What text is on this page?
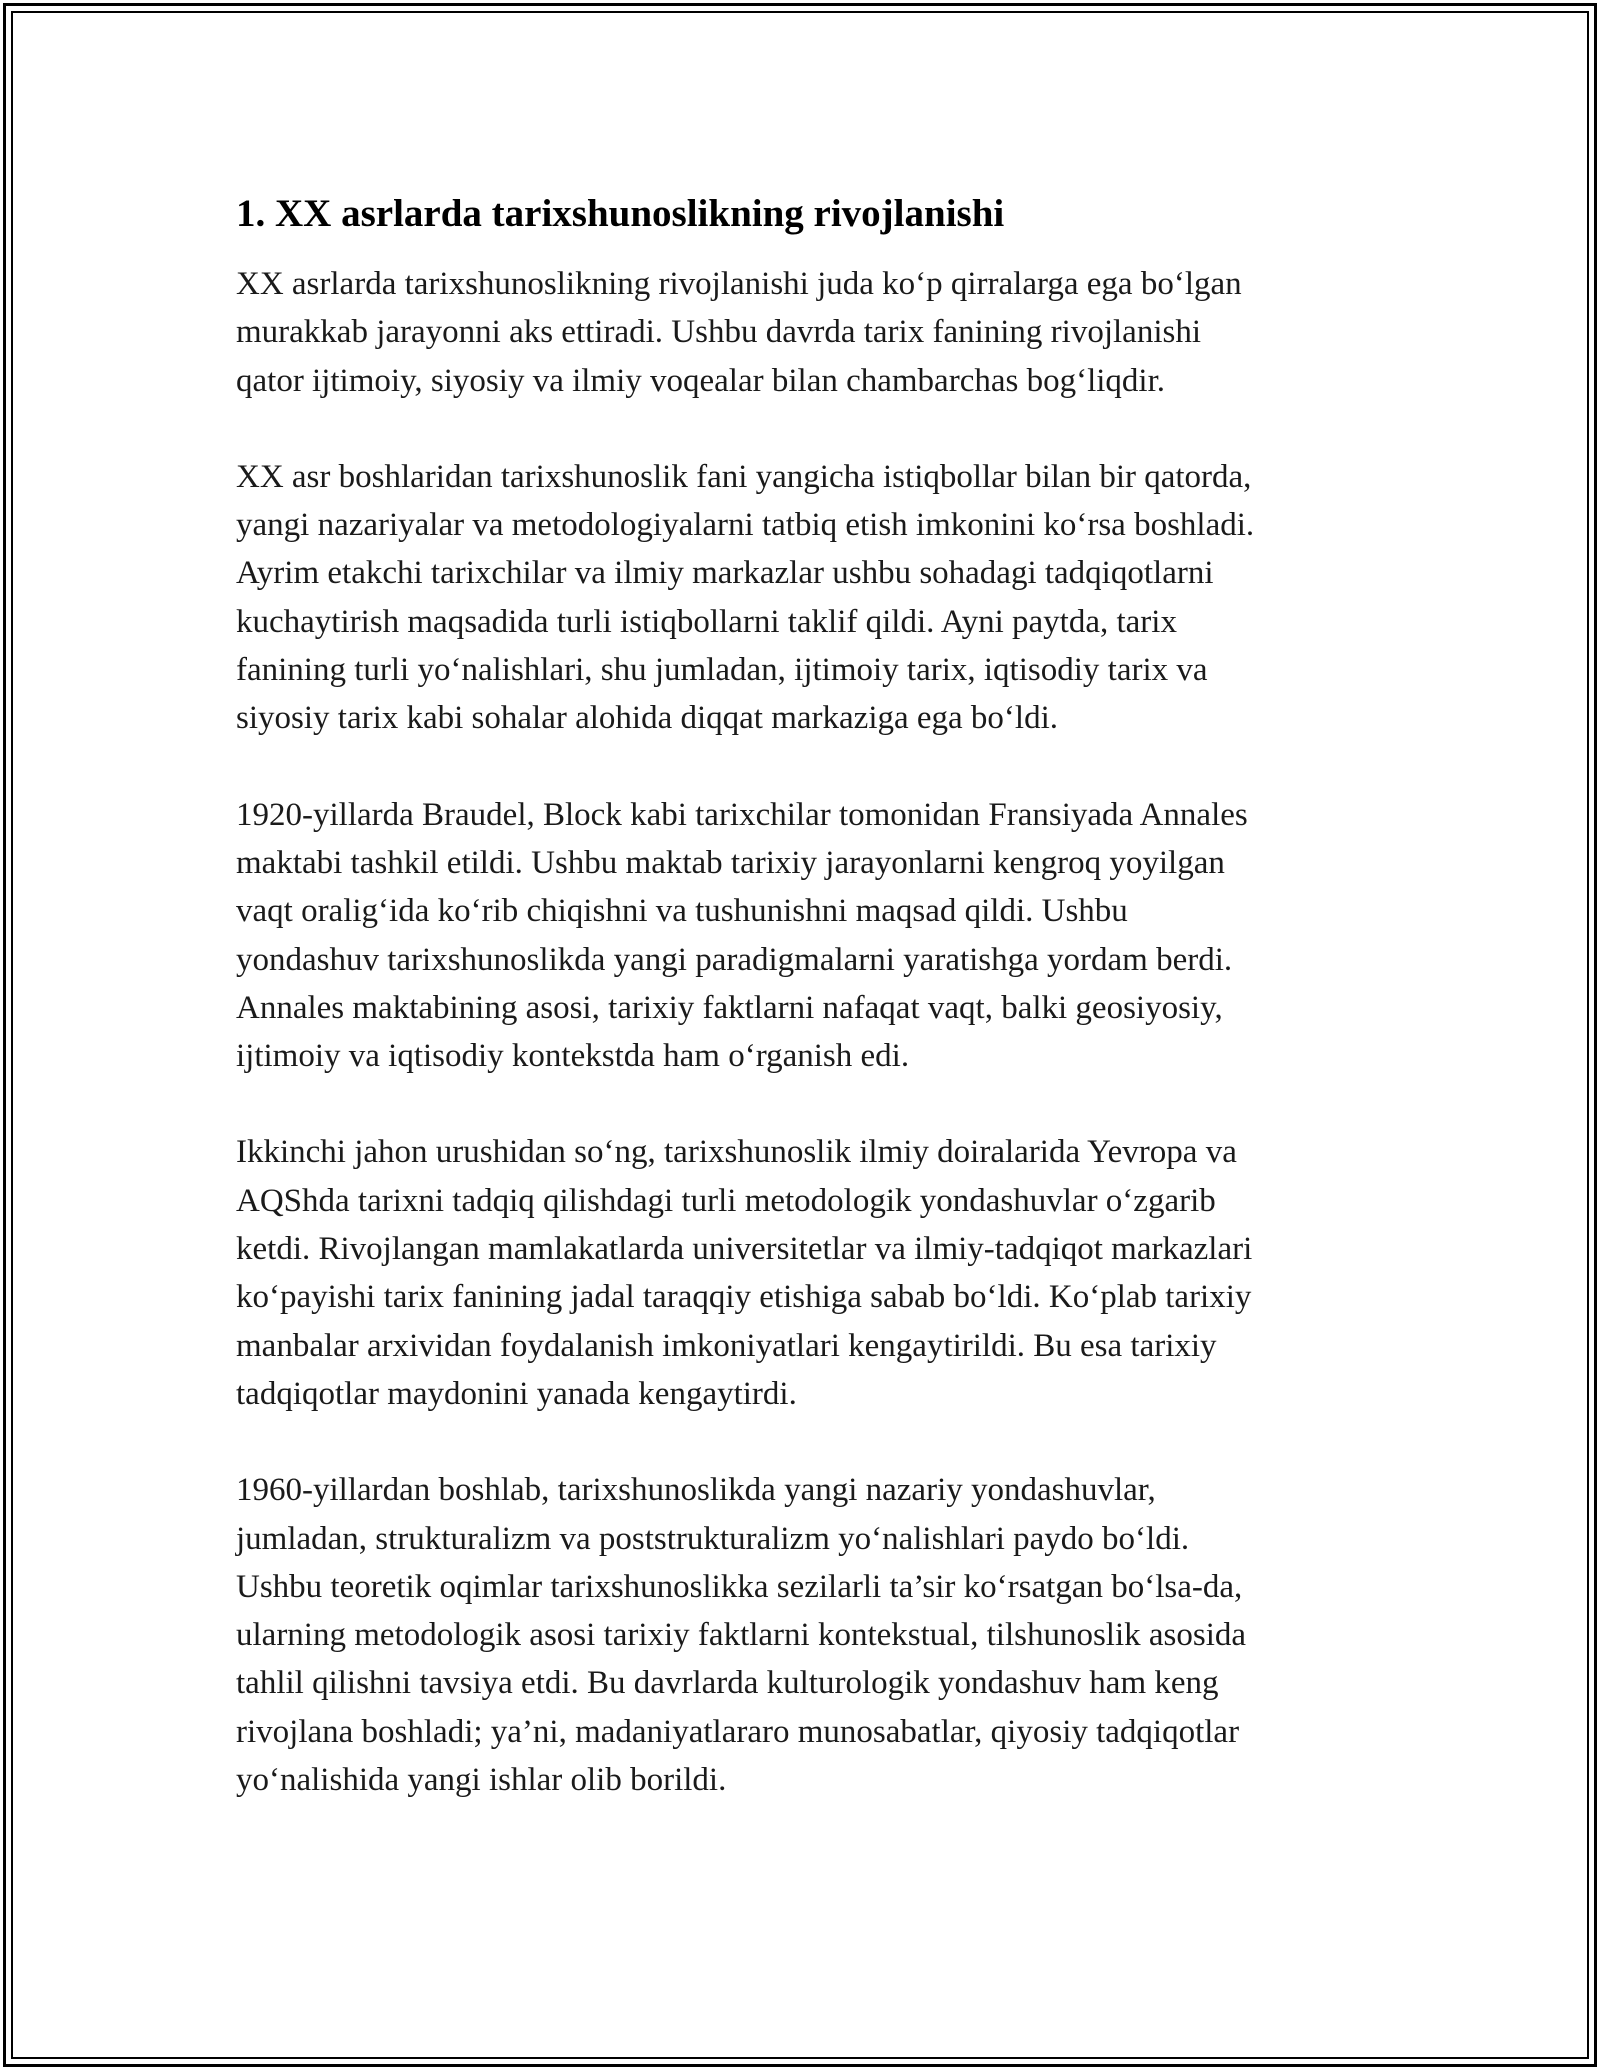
1. XX asrlarda tarixshunoslikning rivojlanishi

XX asrlarda tarixshunoslikning rivojlanishi juda ko‘p qirralarga ega bo‘lgan
murakkab jarayonni aks ettiradi. Ushbu davrda tarix fanining rivojlanishi
qator ijtimoiy, siyosiy va ilmiy voqealar bilan chambarchas bog‘liqdir.

XX asr boshlaridan tarixshunoslik fani yangicha istiqbollar bilan bir qatorda,
yangi nazariyalar va metodologiyalarni tatbiq etish imkonini ko‘rsa boshladi.
Ayrim etakchi tarixchilar va ilmiy markazlar ushbu sohadagi tadqiqotlarni
kuchaytirish maqsadida turli istiqbollarni taklif qildi. Ayni paytda, tarix
fanining turli yo‘nalishlari, shu jumladan, ijtimoiy tarix, iqtisodiy tarix va
siyosiy tarix kabi sohalar alohida diqqat markaziga ega bo‘ldi.

1920-yillarda Braudel, Block kabi tarixchilar tomonidan Fransiyada Annales
maktabi tashkil etildi. Ushbu maktab tarixiy jarayonlarni kengroq yoyilgan
vaqt oralig‘ida ko‘rib chiqishni va tushunishni maqsad qildi. Ushbu
yondashuv tarixshunoslikda yangi paradigmalarni yaratishga yordam berdi.
Annales maktabining asosi, tarixiy faktlarni nafaqat vaqt, balki geosiyosiy,
ijtimoiy va iqtisodiy kontekstda ham o‘rganish edi.

Ikkinchi jahon urushidan so‘ng, tarixshunoslik ilmiy doiralarida Yevropa va
AQShda tarixni tadqiq qilishdagi turli metodologik yondashuvlar o‘zgarib
ketdi. Rivojlangan mamlakatlarda universitetlar va ilmiy-tadqiqot markazlari
ko‘payishi tarix fanining jadal taraqqiy etishiga sabab bo‘ldi. Ko‘plab tarixiy
manbalar arxividan foydalanish imkoniyatlari kengaytirildi. Bu esa tarixiy
tadqiqotlar maydonini yanada kengaytirdi.

1960-yillardan boshlab, tarixshunoslikda yangi nazariy yondashuvlar,
jumladan, strukturalizm va poststrukturalizm yo‘nalishlari paydo bo‘ldi.
Ushbu teoretik oqimlar tarixshunoslikka sezilarli ta’sir ko‘rsatgan bo‘lsa-da,
ularning metodologik asosi tarixiy faktlarni kontekstual, tilshunoslik asosida
tahlil qilishni tavsiya etdi. Bu davrlarda kulturologik yondashuv ham keng
rivojlana boshladi; ya’ni, madaniyatlararo munosabatlar, qiyosiy tadqiqotlar
yo‘nalishida yangi ishlar olib borildi.
